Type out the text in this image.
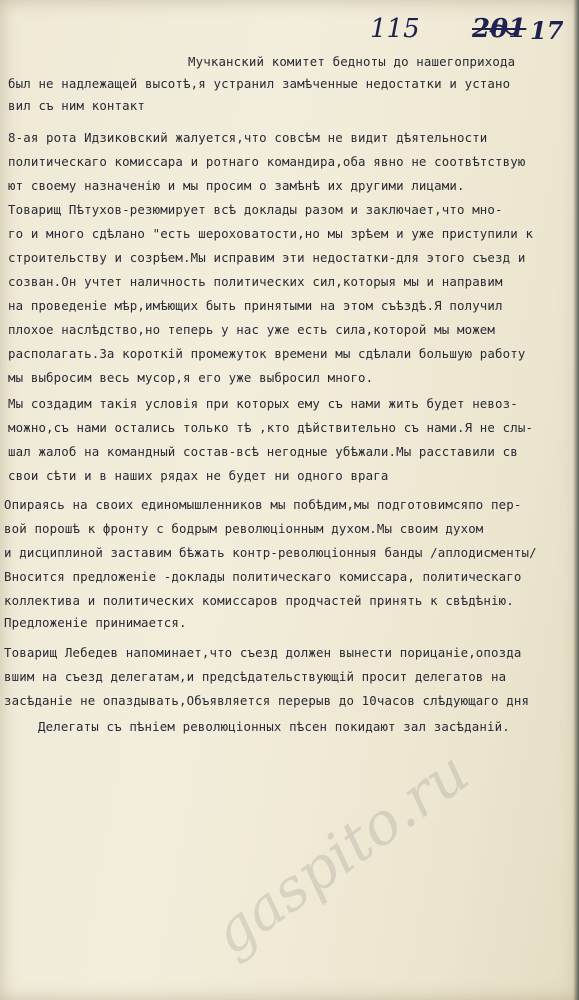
115 201 17
Мучканский комитет бедноты до нашегоприхода
был не надлежащей высотѣ,я устранил замѣченные недостатки и устано
вил съ ним контакт
8-ая рота Идзиковский жалуется,что совсѣм не видит дѣятельности
политическаго комиссара и ротнаго командира,оба явно не соотвѣтствую
ют своему назначенію и мы просим о замѣнѣ их другими лицами.
Товарищ Пѣтухов-резюмирует всѣ доклады разом и заключает,что мно-
го и много сдѣлано "есть шероховатости,но мы зрѣем и уже приступили к
строительству и созрѣем.Мы исправим эти недостатки-для этого съезд и
созван.Он учтет наличность политических сил,которыя мы и направим
на проведеніе мѣр,имѣющих быть принятыми на этом съѣздѣ.Я получил
плохое наслѣдство,но теперь у нас уже есть сила,которой мы можем
располагать.За короткій промежуток времени мы сдѣлали большую работу
мы выбросим весь мусор,я его уже выбросил много.
Мы создадим такія условія при которых ему съ нами жить будет невоз-
можно,съ нами остались только тѣ ,кто дѣйствительно съ нами.Я не слы-
шал жалоб на командный состав-всѣ негодные убѣжали.Мы расставили св
свои сѣти и в наших рядах не будет ни одного врага
Опираясь на своих единомышленников мы побѣдим,мы подготовимсяпо пер-
вой порошѣ к фронту с бодрым революціонным духом.Мы своим духом
и дисциплиной заставим бѣжать контр-революціонныя банды /аплодисменты/
Вносится предложеніе -доклады политическаго комиссара, политическаго
коллектива и политических комиссаров продчастей принять к свѣдѣнію.
Предложеніе принимается.
Товарищ Лебедев напоминает,что съезд должен вынести порицаніе,опозда
вшим на съезд делегатам,и предсѣдательствующій просит делегатов на
засѣданіе не опаздывать,Объявляется перерыв до 10часов слѣдующаго дня
Делегаты съ пѣніем революціонных пѣсен покидают зал засѣданій.
gaspito.ru
